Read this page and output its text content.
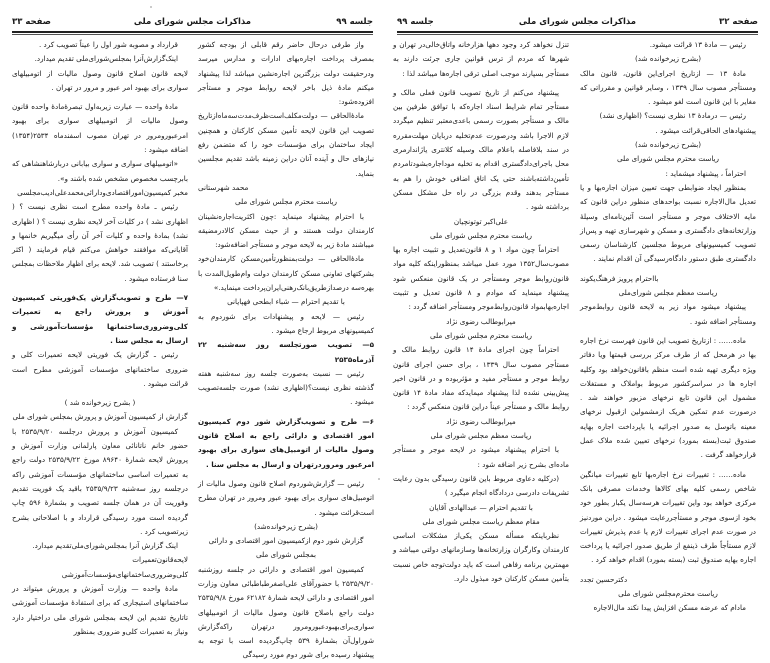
جلسه ۹۹
مذاکرات مجلس شورای ملی
صفحه ۳۳

واز طرفی درحال حاضر رقم قابلی از بودجه کشور بمصرف پرداخت اجاره‌بهای ادارات و مدارس میرسد ودرحقیقت دولت بزرگترین اجاره‌نشین میباشد لذا پیشنهاد میکنم مادهٔ ذیل باخر لایحه روابط موجر و مستأجر افزوده‌شود:

مادهٔ‌الحاقی — دولت‌مکلف‌است‌ظرف‌مدت‌سه‌ماه‌ازتاریخ تصویب این قانون لایحه تأمین مسکن کارکنان و همچنین ایجاد ساختمان برای مؤسسات خود را که متضمن رفع نیازهای حال و آینده آنان دراین زمینه باشد تقدیم مجلسین بنماید.

محمد شهرستانی

ریاست محترم مجلس شورای ملی

با احترام پیشنهاد مینماید :چون اکثریت‌اجاره‌نشینان کارمندان دولت هستند و از حیث مسکن کالا‌درمضیقه میباشند مادهٔ زیر به لایحه موجر و مستأجر اضافه‌شود:

مادهٔ‌الحاقی — دولت‌بمنظورتأمین‌مسکن کارمندان‌خود بشرکتهای تعاونی مسکن کارمندان دولت وام‌طویل‌المدت با بهره‌سه درصد‌ازطریق‌بانک‌رهنی‌ایران‌پرداخت مینماید.»

با تقدیم احترام — شباء ابطحی فهپایانی

رئیس — لایحه و پیشنهادات برای شوردوم به کمیسیونهای مربوط ارجاع میشود .

۵— تصویب صورتجلسه روز سه‌شنبه ۲۲ آذرماه۲۵۳۵

رئیس — نسبت به‌صورت جلسه روز سه‌شنبه هفته گذشته نظری نیست؟(اظهاری نشد) صورت جلسه‌تصویب میشود .

۶— طرح و تصویب‌گزارش شور دوم کمیسیون امور اقتصادی و دارائی راجع به اصلاح قانون وصول مالیات از اتومبیل‌های سواری برای بهبود امرعبور ومرور‌درتهران و ارسال به مجلس سنا .

رئیس — گزارش‌شوردوم اصلاح قانون وصول مالیات از اتومبیل‌های سواری برای بهبود عبور ومرور در تهران مطرح است‌قرائت میشود .

(بشرح زیرخوانده‌شد)

گزارش شور دوم ازکمیسیون امور اقتصادی و دارائی بمجلس شورای ملی

کمیسیون امور اقتصادی و دارائی در جلسه روزشنبه ۲۵۳۵/۹/۲۰ با حضورآقای علی‌اصغرطباطبائی معاون وزارت امور اقتصادی و دارائی لایحه شمارهٔ ۶۲۱۸۲ مورخ ۲۵۳۵/۹/۸ دولت راجع باصلاح قانون وصول مالیات از اتومبیلهای سواری‌برای‌بهبود‌عبورو‌مرور درتهران راکه‌گزارش شوراول‌آن بشمارهٔ ۵۳۹ چاپ‌گردیده است با توجه به پیشنهاد رسیده برای شور دوم مورد رسیدگی

قرارداد و مصوبه شور اول را عیناً تصویب کرد .

اینک‌گزارش‌آنرا بمجلس‌شورای‌ملی تقدیم میدارد.

لایحه قانون اصلاح قانون وصول مالیات از اتومبیلهای سواری برای بهبود امر عبور و مرور در تهران .

مادهٔ واحده — عبارت زیربه‌اول تبصرهٔ‌مادهٔ واحده قانون وصول مالیات از اتومبیلهای سواری برای بهبود امرعبورومرور در تهران مصوب اسفندماه ۲۵۳۴(۱۳۵۴) اضافه میشود :

«اتومبیلهای سواری و سواری بیابانی دربارشاهنشاهی که بابرچسب مخصوص مشخص شده باشند و».

مخبر کمیسیون‌امور‌اقتصادی‌ودارائی‌محمدعلی‌ادیب‌مجلسی

رئیس ـ مادهٔ واحده مطرح است نظری نیست ؟ ( اظهاری نشد ) در کلیات آخر لایحه نظری نیست ؟ ( اظهاری نشد) بمادهٔ واحده و کلیات آخر آن رأی میگیریم خانمها و آقایانی‌که موافقند خواهش می‌کنم قیام فرمایند ( اکثر برخاستند ) تصویب شد. لایحه برای اظهار ملاحظات بمجلس سنا فرستاده میشود .

۷— طرح و تصویب‌گزارش یک‌فوریتی کمیسیون آموزش و پرورش راجع به تعمیرات کلی‌وضروری‌ساختمانها مؤسسات‌آموزشی و ارسال به مجلس سنا .

رئیس ـ گزارش یک فوریتی لایحه تعمیرات کلی و ضروری ساختمانهای مؤسسات آموزشی مطرح است قرائت میشود .

( بشرح زیرخوانده شد )

گزارش از کمیسیون آموزش و پرورش بمجلس شورای ملی

کمیسیون آموزش و پرورش درجلسه ۲۵۳۵/۹/۲۰ با حضور خانم ناتانائی معاون پارلمانی وزارت آموزش و پرورش لایحه شمارهٔ ۸۹۶۴۰ مورخ ۲۵۳۵/۹/۲۲ دولت راجع به تعمیرات اساسی ساختمانهای مؤسسات آموزشی راکه درجلسه روز سه‌شنبه ۲۵۳۵/۹/۲۳ باقید یک فوریت تقدیم وفوریت آن در همان جلسه تصویب و بشمارهٔ ۵۹۶ چاپ گردیده است مورد رسیدگی قرارداد و با اصلاحاتی بشرح زیرتصویب کرد .

اینک گزارش آنرا بمجلس‌شورای‌ملی‌تقدیم میدارد.

لایحه‌قانون‌تعمیرات کلی‌وضروری‌ساختمانهای‌مؤسسات‌آموزشی

مادهٔ واحده — وزارت آموزش و پرورش میتواند در ساختمانهای استیجاری که برای استفادهٔ مؤسسات آموزشی تاتاریخ تقدیم این لایحه بمجلس شورای ملی دراختیار دارد ونیاز به تعمیرات کلی‌و ضروری بمنظور

صفحه ۳۲
مذاکرات مجلس شورای ملی
جلسه ۹۹

رئیس — مادهٔ ۱۳ قرائت میشود.

(بشرح زیرخوانده شد)

مادهٔ ۱۳ — ازتاریخ اجرای‌این قانون، قانون مالک ومستأجر مصوب سال ۱۳۳۹ ، وسایر قوانین و مقرراتی که مغایر با این قانون است لغو میشود .

رئیس — درمادهٔ ۱۳ نظری نیست؟ (اظهاری نشد)

پیشنهادهای الحاقی‌قرائت میشود .

(بشرح زیرخوانده شد)

ریاست محترم مجلس شورای ملی

احتراماً ، پیشنهاد میشماید :

بمنظور ایجاد ضوابطی جهت تعیین میزان اجاره‌بها و یا تعدیل مال‌الاجاره نسبت بواحدهای منظور دراین قانون که مایه الاختلاف موجر و مستأجر است آئین‌نامه‌ای وسیلهٔ وزارتخانه‌های دادگستری و مسکن و شهرسازی تهیه و پس‌از تصویب کمیسیونهای مربوط مجلسین کارشناسان رسمی دادگستری طبق دستور دادگاه‌رسیدگی آن اقدام نمایند .

بااحترام پرویز فرهنگ‌یکوند

ریاست معظم مجلس شورای‌ملی

پیشنهاد میشود مواد زیر به لایحه قانون روابط‌موجر ومستأجر اضافه شود .

ماده…… : ازتاریخ تصویب این قانون فهرست نرخ اجاره بها در هرمحل که از طرف مرکز بررسی قیمتها ویا دفاتر ویژه دیگری تهیه شده است منظم باقانون‌خواهد بود وکلیه اجاره ها در سراسرکشور مربوط بواملاک و مستغلات مشمول این قانون تابع نرخهای مزبور خواهند شد . درصورت عدم تمکین هریک ازمشمولین ازقبول نرخهای معینه باتوسل به صدور اجرائیه یا باپرداخت اجاره بهایه صندوق ثبت(بسته بمورد) نرخهای تعیین شده ملاک عمل قرارخواهد گرفت .

ماده…… : تغییرات نرخ اجاره‌بها تابع تغییرات میانگین شاخص رسمی کلیه بهای کالاها وخدمات مصرفی بانک مرکزی خواهد بود واین تغییرات هرسه‌سال یکبار بطور خود بخود ازسوی موجر و مستأجررعایت میشود . دراین موردنیز در صورت عدم اجرای تغییرات لازم یا عدم پذیرش تغییرات لازم مستأجاً طرف ذینفع از طریق صدور اجرائیه یا پرداخت اجاره بهایه صندوق ثبت (بسته بمورد) اقدام خواهد کرد .

دکترحسین تجدد

ریاست محترم‌مجلس شورای ملی

مادام که عرضه مسکن افزایش پیدا نکند مال‌الاجاره

تنزل نخواهد کرد وجود دهها هزارخانه واتاق‌خالی‌در تهران و شهرها که مردم از ترس قوانین جاری جرئت دارند به مستأجر بسپارند موجب اصلی ترقی اجاره‌ها میباشد لذا :

پیشنهاد می‌کنم از تاریخ تصویب قانون فعلی مالک و مستأجر تمام شرایط اسناد اجاره‌که با توافق طرفین بین مالک و مستأجر بصورت رسمی باعدی‌معتبر تنظیم میگردد لازم الاجرا باشد ودرصورت عدم‌تخلیه دربایان مهلت‌مقرره در سند بلافاصله باعلام مالک وسیله کلانتری یاژاندارمری محل باجرای‌دادگستری اقدام به تخلیه موداجاره‌بشودتامردم تأمین‌داشته‌باشند حتی یک اتاق اضافی خودش را هم به مستأجر بدهند وقدم بزرگی در راه حل مشکل مسکن برداشته شود .

علی‌اکبر توتونچیان

ریاست محترم مجلس شورای ملی

احتراماً چون مواد ۱ و ۸ قانون‌تعدیل و تثبیت اجاره بها مصوب‌سال۱۳۵۲ مورد عمل میباشد بمنظوراینکه کلیه مواد قانون‌روابط موجر ومستأجر در یک قانون منعکس شود پیشنهاد مینماید که موادم و ۸ قانون تعدیل و تثبیت اجاره‌بهابمواد قانون‌روابط‌موجر ومستأجر اضافه گردد :

میرابوطالب رضوی نژاد

ریاست محترم مجلس شورای ملی

احتراماً چون اجرای مادهٔ ۱۴ قانون روابط مالک و مستأجر مصوب سال ۱۳۳۹ ، برای حسن اجرای قانون روابط موجر و مستأجر مفید و مؤثربوده و در قانون اخیر پیش‌بینی نشده لذا پیشنهاد میمایدکه مفاد مادهٔ ۱۴ قانون روابط مالک و مستأجر عیناً دراین قانون منعکس گردد :

میرابوطالب رضوی نژاد

ریاست معظم مجلس شورای ملی

با احترام پیشنهاد میشود در لایحه موجر و مستأجر ماده‌ای بشرح زیر اضافه شود :

(درکلیه دعاوی مربوط باین قانون رسیدگی بدون رعایت تشریفات دادرسی دردادگاه انجام میگیرد )

با تقدیم احترام — عبدالهادی آقایان

مقام معظم ریاست مجلس شورای ملی

نظرباینکه مسأله مسکن یکی‌از مشکلات اساسی کارمندان وکارگران وزارتخانه‌ها وسازمانهای دولتی میباشد و مهمترین برنامه رفاهی است که باید دولت‌توجه خاص نسبت بتأمین مسکن کارکنان خود مبذول دارد.
